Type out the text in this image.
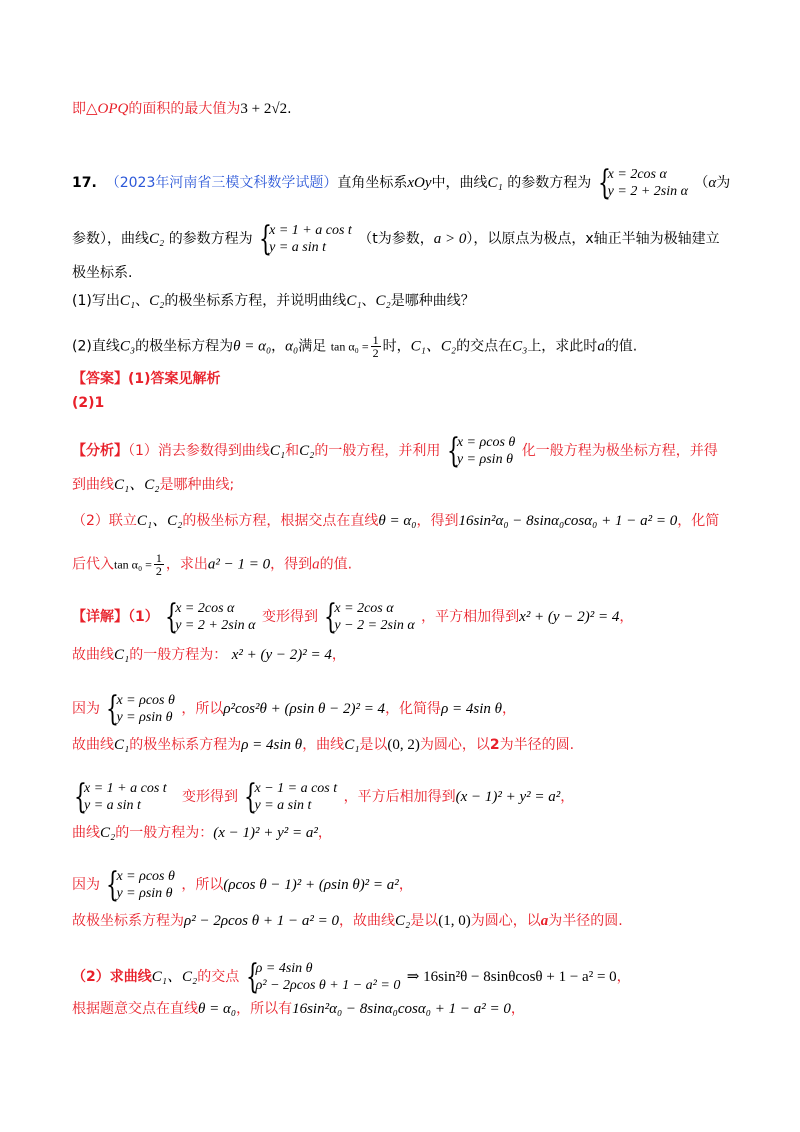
即△OPQ的面积的最大值为3 + 2√2.
17. （2023年河南省三模文科数学试题）直角坐标系xOy中，曲线C₁ 的参数方程为 {
x = 2cos α
y = 2 + 2sin α
（α为
参数），曲线C₂ 的参数方程为 {
x = 1 + a cos t
y = a sin t
（t为参数，a > 0），以原点为极点，x轴正半轴为极轴建立
极坐标系.
(1)写出C₁、C₂的极坐标系方程，并说明曲线C₁、C₂是哪种曲线？
(2)直线C₃的极坐标方程为θ = α₀，α₀满足 $\tan \alpha_0 = \frac{1}{2}$ 时，C₁、C₂的交点在C₃上，求此时a的值.
【答案】(1)答案见解析
(2)1
【分析】（1）消去参数得到曲线C₁和C₂的一般方程，并利用 {
x = ρcos θ
y = ρsin θ
化一般方程为极坐标方程，并得
到曲线C₁、C₂是哪种曲线;
（2）联立C₁、C₂的极坐标方程，根据交点在直线θ = α₀，得到16sin²α₀ − 8sinα₀cosα₀ + 1 − a² = 0，化简
后代入$\tan \alpha_0 = \frac{1}{2}$ ，求出a² − 1 = 0，得到a的值.
【详解】（1） {
x = 2cos α
y = 2 + 2sin α
变形得到 {
x = 2cos α
y − 2 = 2sin α
，平方相加得到x² + (y − 2)² = 4，
故曲线C₁的一般方程为： x² + (y − 2)² = 4，
因为 {
x = ρcos θ
y = ρsin θ
，所以ρ²cos²θ + (ρsin θ − 2)² = 4，化简得ρ = 4sin θ，
故曲线C₁的极坐标系方程为ρ = 4sin θ，曲线C₁是以(0, 2)为圆心，以2为半径的圆.
{
x = 1 + a cos t
y = a sin t
变形得到 {
x − 1 = a cos t
y = a sin t
，平方后相加得到(x − 1)² + y² = a²，
曲线C₂的一般方程为：(x − 1)² + y² = a²，
因为 {
x = ρcos θ
y = ρsin θ
，所以(ρcos θ − 1)² + (ρsin θ)² = a²，
故极坐标系方程为ρ² − 2ρcos θ + 1 − a² = 0，故曲线C₂是以(1, 0)为圆心，以a为半径的圆.
（2）求曲线C₁、C₂的交点 {
ρ = 4sin θ
ρ² − 2ρcos θ + 1 − a² = 0
⇒ 16sin²θ − 8sinθcosθ + 1 − a² = 0，
根据题意交点在直线θ = α₀，所以有16sin²α₀ − 8sinα₀cosα₀ + 1 − a² = 0，
